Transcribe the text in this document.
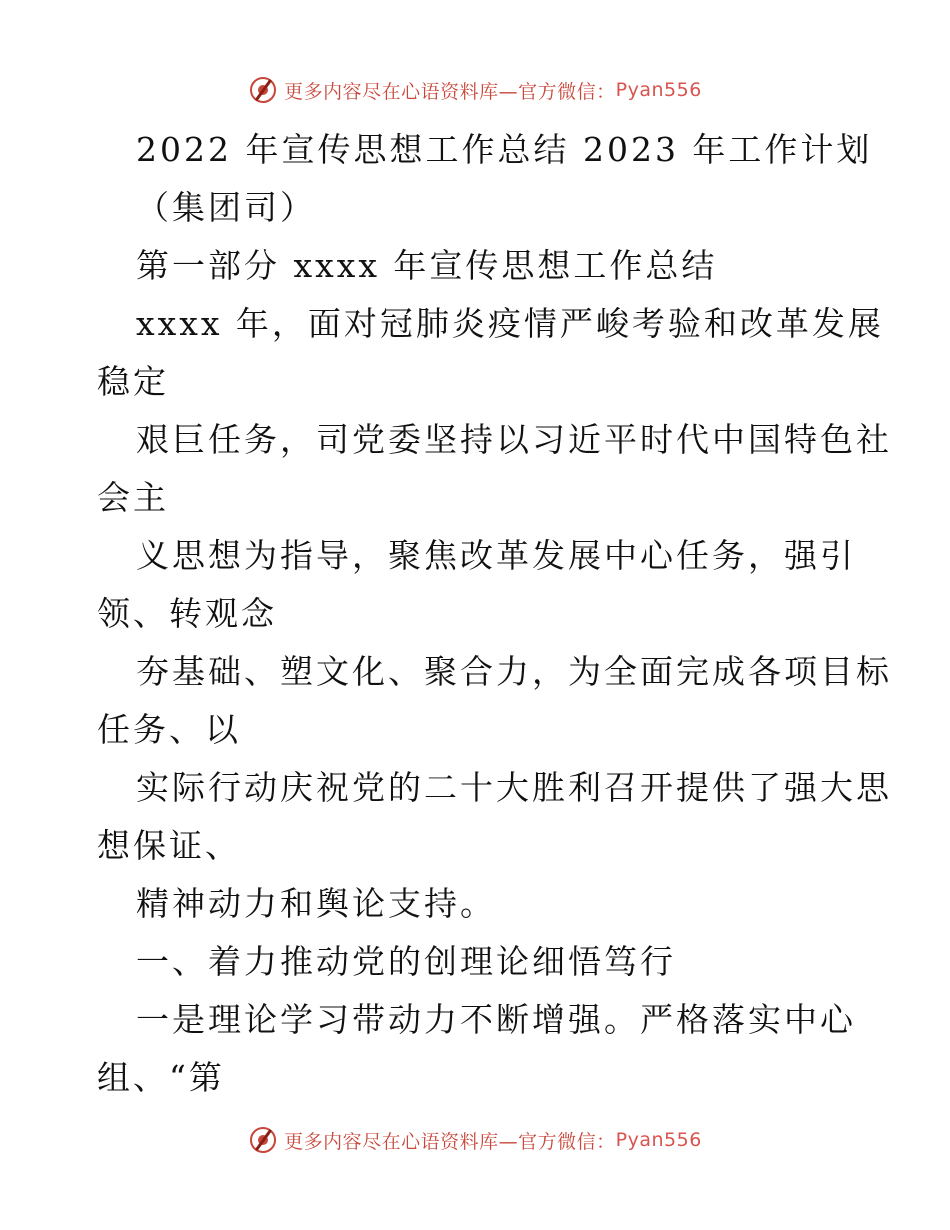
更多内容尽在心语资料库—官方微信： Pyan556
2022 年宣传思想工作总结 2023 年工作计划
（集团司）
第一部分 xxxx 年宣传思想工作总结
xxxx 年，面对冠肺炎疫情严峻考验和改革发展
稳定
艰巨任务，司党委坚持以习近平时代中国特色社
会主
义思想为指导，聚焦改革发展中心任务，强引
领、转观念
夯基础、塑文化、聚合力，为全面完成各项目标
任务、以
实际行动庆祝党的二十大胜利召开提供了强大思
想保证、
精神动力和舆论支持。
一、着力推动党的创理论细悟笃行
一是理论学习带动力不断增强。严格落实中心
组、“第
更多内容尽在心语资料库—官方微信： Pyan556
